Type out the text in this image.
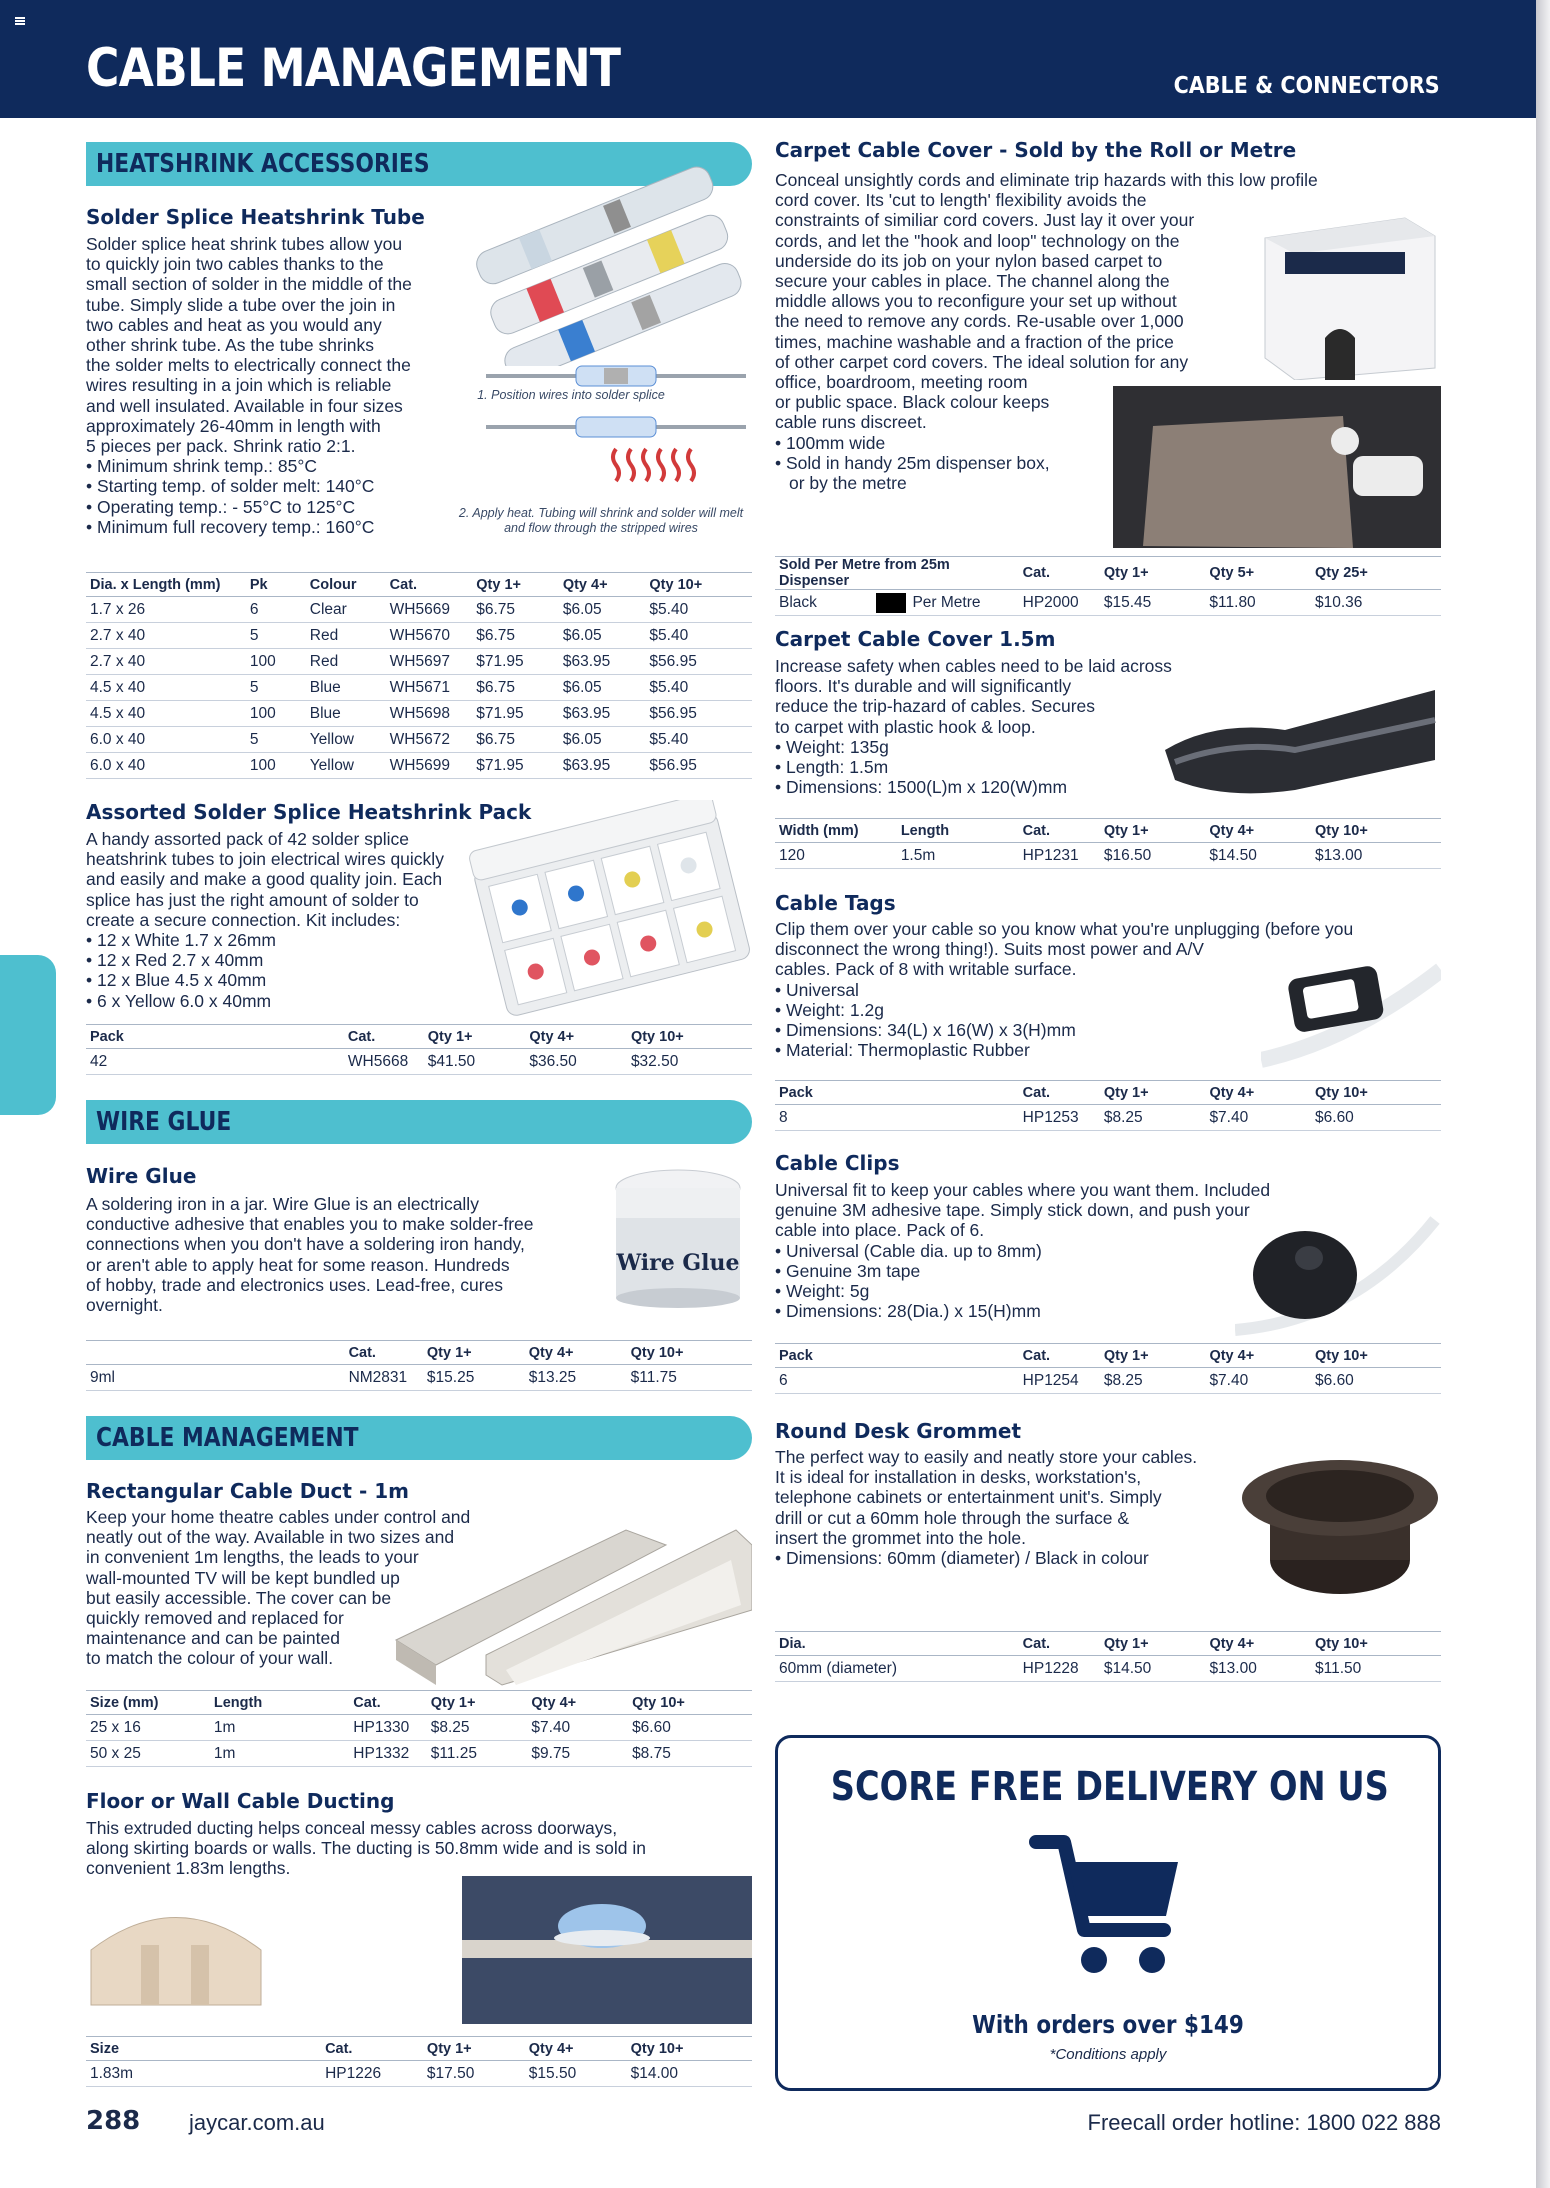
CABLE MANAGEMENT	CABLE & CONNECTORS
HEATSHRINK ACCESSORIES
Solder Splice Heatshrink Tube
Solder splice heat shrink tubes allow you
to quickly join two cables thanks to the
small section of solder in the middle of the
tube. Simply slide a tube over the join in
two cables and heat as you would any
other shrink tube. As the tube shrinks
the solder melts to electrically connect the
wires resulting in a join which is reliable
and well insulated. Available in four sizes
approximately 26-40mm in length with
5 pieces per pack. Shrink ratio 2:1.
• Minimum shrink temp.: 85°C
• Starting temp. of solder melt: 140°C
• Operating temp.: - 55°C to 125°C
• Minimum full recovery temp.: 160°C
1. Position wires into solder splice
2. Apply heat. Tubing will shrink and solder will melt and flow through the stripped wires
Dia. x Length (mm)	Pk	Colour	Cat.	Qty 1+	Qty 4+	Qty 10+
1.7 x 26	6	Clear	WH5669	$6.75	$6.05	$5.40
2.7 x 40	5	Red	WH5670	$6.75	$6.05	$5.40
2.7 x 40	100	Red	WH5697	$71.95	$63.95	$56.95
4.5 x 40	5	Blue	WH5671	$6.75	$6.05	$5.40
4.5 x 40	100	Blue	WH5698	$71.95	$63.95	$56.95
6.0 x 40	5	Yellow	WH5672	$6.75	$6.05	$5.40
6.0 x 40	100	Yellow	WH5699	$71.95	$63.95	$56.95
Assorted Solder Splice Heatshrink Pack
A handy assorted pack of 42 solder splice
heatshrink tubes to join electrical wires quickly
and easily and make a good quality join. Each
splice has just the right amount of solder to
create a secure connection. Kit includes:
• 12 x White 1.7 x 26mm
• 12 x Red 2.7 x 40mm
• 12 x Blue 4.5 x 40mm
• 6 x Yellow 6.0 x 40mm
Pack	Cat.	Qty 1+	Qty 4+	Qty 10+
42	WH5668	$41.50	$36.50	$32.50
WIRE GLUE
Wire Glue
A soldering iron in a jar. Wire Glue is an electrically
conductive adhesive that enables you to make solder-free
connections when you don't have a soldering iron handy,
or aren't able to apply heat for some reason. Hundreds
of hobby, trade and electronics uses. Lead-free, cures
overnight.
Wire Glue
	Cat.	Qty 1+	Qty 4+	Qty 10+
9ml	NM2831	$15.25	$13.25	$11.75
CABLE MANAGEMENT
Rectangular Cable Duct - 1m
Keep your home theatre cables under control and
neatly out of the way. Available in two sizes and
in convenient 1m lengths, the leads to your
wall-mounted TV will be kept bundled up
but easily accessible. The cover can be
quickly removed and replaced for
maintenance and can be painted
to match the colour of your wall.
Size (mm)	Length	Cat.	Qty 1+	Qty 4+	Qty 10+
25 x 16	1m	HP1330	$8.25	$7.40	$6.60
50 x 25	1m	HP1332	$11.25	$9.75	$8.75
Floor or Wall Cable Ducting
This extruded ducting helps conceal messy cables across doorways,
along skirting boards or walls. The ducting is 50.8mm wide and is sold in
convenient 1.83m lengths.
Size	Cat.	Qty 1+	Qty 4+	Qty 10+
1.83m	HP1226	$17.50	$15.50	$14.00
Carpet Cable Cover - Sold by the Roll or Metre
Conceal unsightly cords and eliminate trip hazards with this low profile
cord cover. Its 'cut to length' flexibility avoids the
constraints of similiar cord covers. Just lay it over your
cords, and let the "hook and loop" technology on the
underside do its job on your nylon based carpet to
secure your cables in place. The channel along the
middle allows you to reconfigure your set up without
the need to remove any cords. Re-usable over 1,000
times, machine washable and a fraction of the price
of other carpet cord covers. The ideal solution for any
office, boardroom, meeting room
or public space. Black colour keeps
cable runs discreet.
• 100mm wide
• Sold in handy 25m dispenser box,
or by the metre
Sold Per Metre from 25m Dispenser		Cat.	Qty 1+	Qty 5+	Qty 25+
Black	Per Metre	HP2000	$15.45	$11.80	$10.36
Carpet Cable Cover 1.5m
Increase safety when cables need to be laid across
floors. It's durable and will significantly
reduce the trip-hazard of cables. Secures
to carpet with plastic hook & loop.
• Weight: 135g
• Length: 1.5m
• Dimensions: 1500(L)m x 120(W)mm
Width (mm)	Length	Cat.	Qty 1+	Qty 4+	Qty 10+
120	1.5m	HP1231	$16.50	$14.50	$13.00
Cable Tags
Clip them over your cable so you know what you're unplugging (before you
disconnect the wrong thing!). Suits most power and A/V
cables. Pack of 8 with writable surface.
• Universal
• Weight: 1.2g
• Dimensions: 34(L) x 16(W) x 3(H)mm
• Material: Thermoplastic Rubber
Pack	Cat.	Qty 1+	Qty 4+	Qty 10+
8	HP1253	$8.25	$7.40	$6.60
Cable Clips
Universal fit to keep your cables where you want them. Included
genuine 3M adhesive tape. Simply stick down, and push your
cable into place. Pack of 6.
• Universal (Cable dia. up to 8mm)
• Genuine 3m tape
• Weight: 5g
• Dimensions: 28(Dia.) x 15(H)mm
Pack	Cat.	Qty 1+	Qty 4+	Qty 10+
6	HP1254	$8.25	$7.40	$6.60
Round Desk Grommet
The perfect way to easily and neatly store your cables.
It is ideal for installation in desks, workstation's,
telephone cabinets or entertainment unit's. Simply
drill or cut a 60mm hole through the surface &
insert the grommet into the hole.
• Dimensions: 60mm (diameter) / Black in colour
Dia.	Cat.	Qty 1+	Qty 4+	Qty 10+
60mm (diameter)	HP1228	$14.50	$13.00	$11.50
SCORE FREE DELIVERY ON US
With orders over $149
*Conditions apply
288 jaycar.com.au	Freecall order hotline: 1800 022 888
